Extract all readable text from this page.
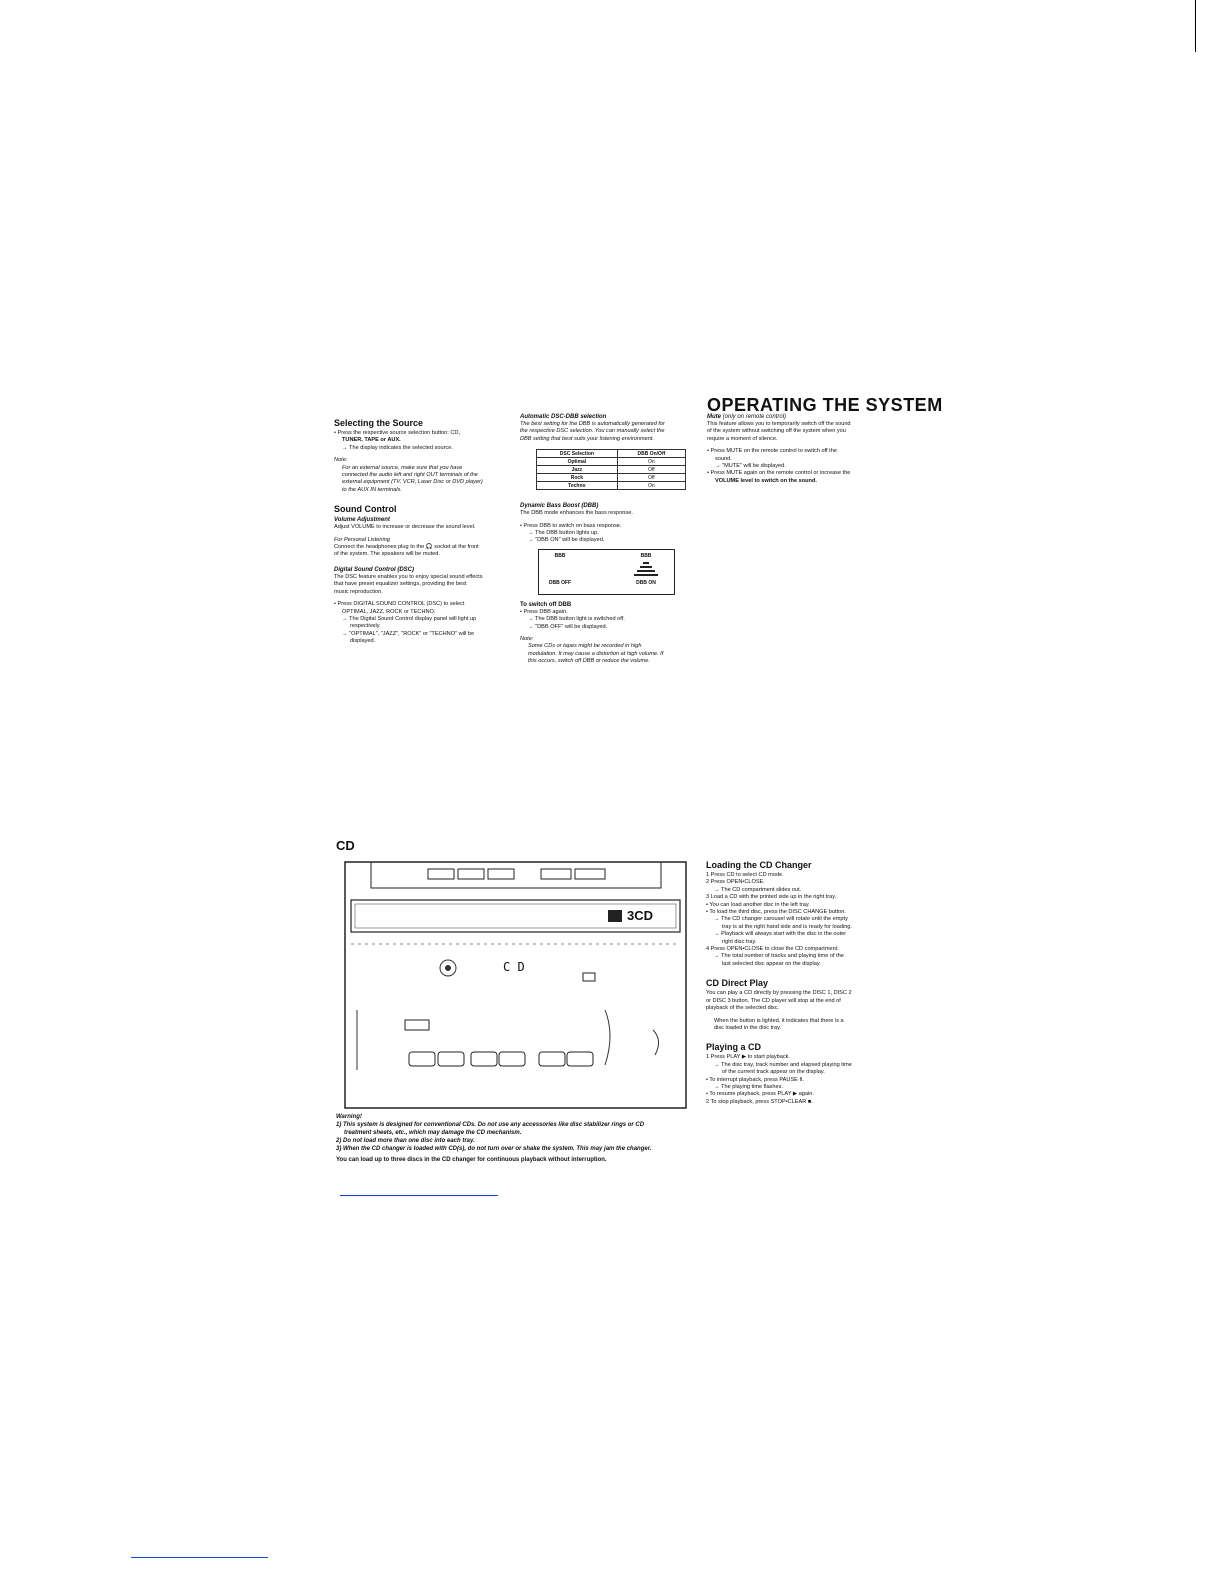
OPERATING THE SYSTEM
Selecting the Source

• Press the respective source selection button: CD,

TUNER, TAPE or AUX.

→ The display indicates the selected source.

Note:

For an external source, make sure that you have

connected the audio left and right OUT terminals of the

external equipment (TV, VCR, Laser Disc or DVD player)

to the AUX IN terminals.

Sound Control
Volume Adjustment

Adjust VOLUME to increase or decrease the sound level.

For Personal Listening

Connect the headphones plug to the 🎧 socket at the front

of the system. The speakers will be muted.

Digital Sound Control (DSC)

The DSC feature enables you to enjoy special sound effects

that have preset equalizer settings, providing the best

music reproduction.

• Press DIGITAL SOUND CONTROL (DSC) to select

OPTIMAL, JAZZ, ROCK or TECHNO.

→ The Digital Sound Control display panel will light up

respectively.

→ "OPTIMAL", "JAZZ", "ROCK" or "TECHNO" will be

displayed.

Automatic DSC-DBB selection

The best setting for the DBB is automatically generated for

the respective DSC selection. You can manually select the

DBB setting that best suits your listening environment.

DSC Selection	DBB On/Off
Optimal	On
Jazz	Off
Rock	Off
Techno	On
Dynamic Bass Boost (DBB)

The DBB mode enhances the bass response.

• Press DBB to switch on bass response.

→ The DBB button lights up.

→ "DBB ON" will be displayed.

BBB	BBB
DBB OFF	DBB ON
To switch off DBB

• Press DBB again.

→ The DBB button light is switched off.

→ "DBB OFF" will be displayed.

Note:

Some CDs or tapes might be recorded in high

modulation. It may cause a distortion at high volume. If

this occurs, switch off DBB or reduce the volume.

Mute (only on remote control)

This feature allows you to temporarily switch off the sound

of the system without switching off the system when you

require a moment of silence.

• Press MUTE on the remote control to switch off the

sound.

→ "MUTE" will be displayed.

• Press MUTE again on the remote control or increase the

VOLUME level to switch on the sound.

CD
3CD
C D

Warning!

1) This system is designed for conventional CDs. Do not use any accessories like disc stabilizer rings or CD

treatment sheets, etc., which may damage the CD mechanism.

2) Do not load more than one disc into each tray.

3) When the CD changer is loaded with CD(s), do not turn over or shake the system. This may jam the changer.

You can load up to three discs in the CD changer for continuous playback without interruption.

Loading the CD Changer

1 Press CD to select CD mode.

2 Press OPEN•CLOSE.

→ The CD compartment slides out.

3 Load a CD with the printed side up in the right tray.

• You can load another disc in the left tray.

• To load the third disc, press the DISC CHANGE button.

→ The CD changer carousel will rotate until the empty

tray is at the right hand side and is ready for loading.

→ Playback will always start with the disc in the outer

right disc tray.

4 Press OPEN•CLOSE to close the CD compartment.

→ The total number of tracks and playing time of the

last selected disc appear on the display.

CD Direct Play

You can play a CD directly by pressing the DISC 1, DISC 2

or DISC 3 button. The CD player will stop at the end of

playback of the selected disc.

When the button is lighted, it indicates that there is a

disc loaded in the disc tray.

Playing a CD

1 Press PLAY ▶ to start playback.

→ The disc tray, track number and elapsed playing time

of the current track appear on the display.

• To interrupt playback, press PAUSE II.

→ The playing time flashes.

• To resume playback, press PLAY ▶ again.

2 To stop playback, press STOP•CLEAR ■.
